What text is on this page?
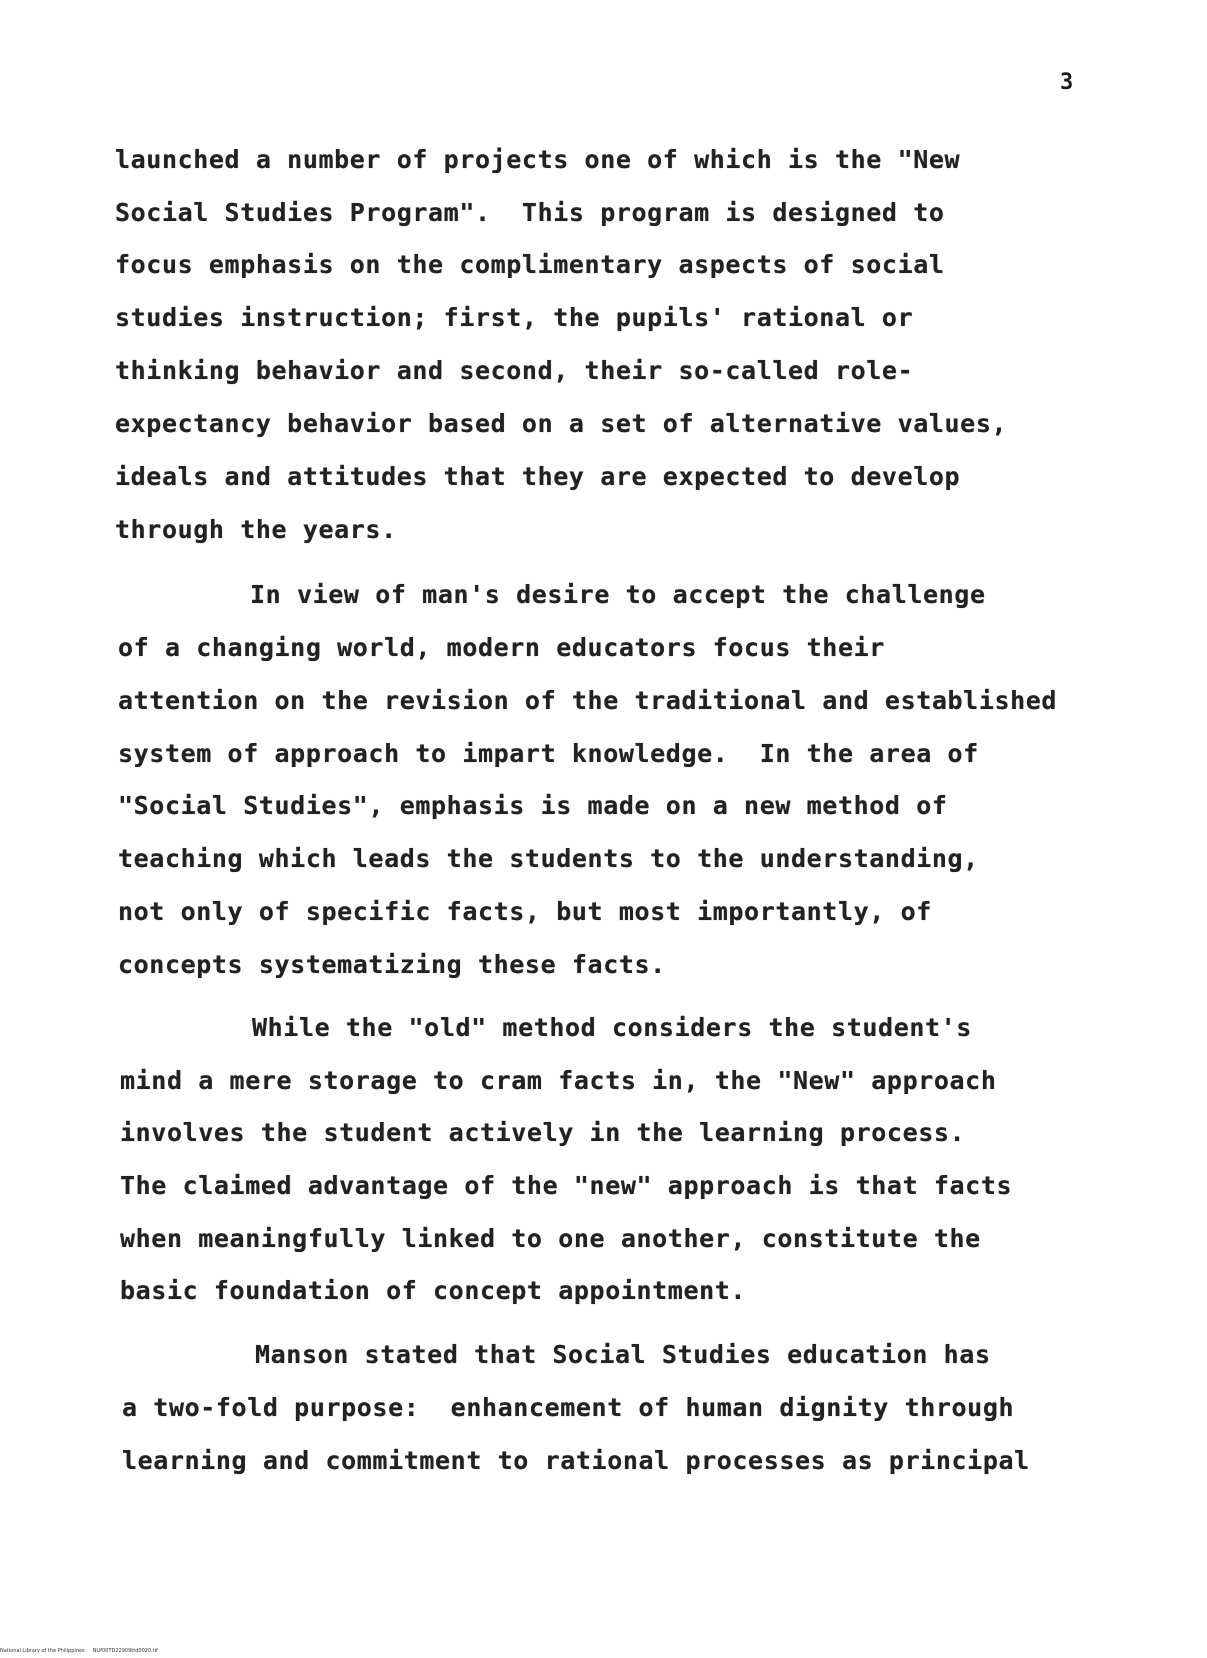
3
launched a number of projects one of which is the "New
Social Studies Program".  This program is designed to
focus emphasis on the complimentary aspects of social
studies instruction; first, the pupils' rational or
thinking behavior and second, their so-called role-
expectancy behavior based on a set of alternative values,
ideals and attitudes that they are expected to develop
through the years.
In view of man's desire to accept the challenge
of a changing world, modern educators focus their
attention on the revision of the traditional and established
system of approach to impart knowledge.  In the area of
"Social Studies", emphasis is made on a new method of
teaching which leads the students to the understanding,
not only of specific facts, but most importantly, of
concepts systematizing these facts.
While the "old" method considers the student's
mind a mere storage to cram facts in, the "New" approach
involves the student actively in the learning process.
The claimed advantage of the "new" approach is that facts
when meaningfully linked to one another, constitute the
basic foundation of concept appointment.
Manson stated that Social Studies education has
a two-fold purpose:  enhancement of human dignity through
learning and commitment to rational processes as principal
National Library of the Philippines     NLP00TD22909ttd0020.tif
